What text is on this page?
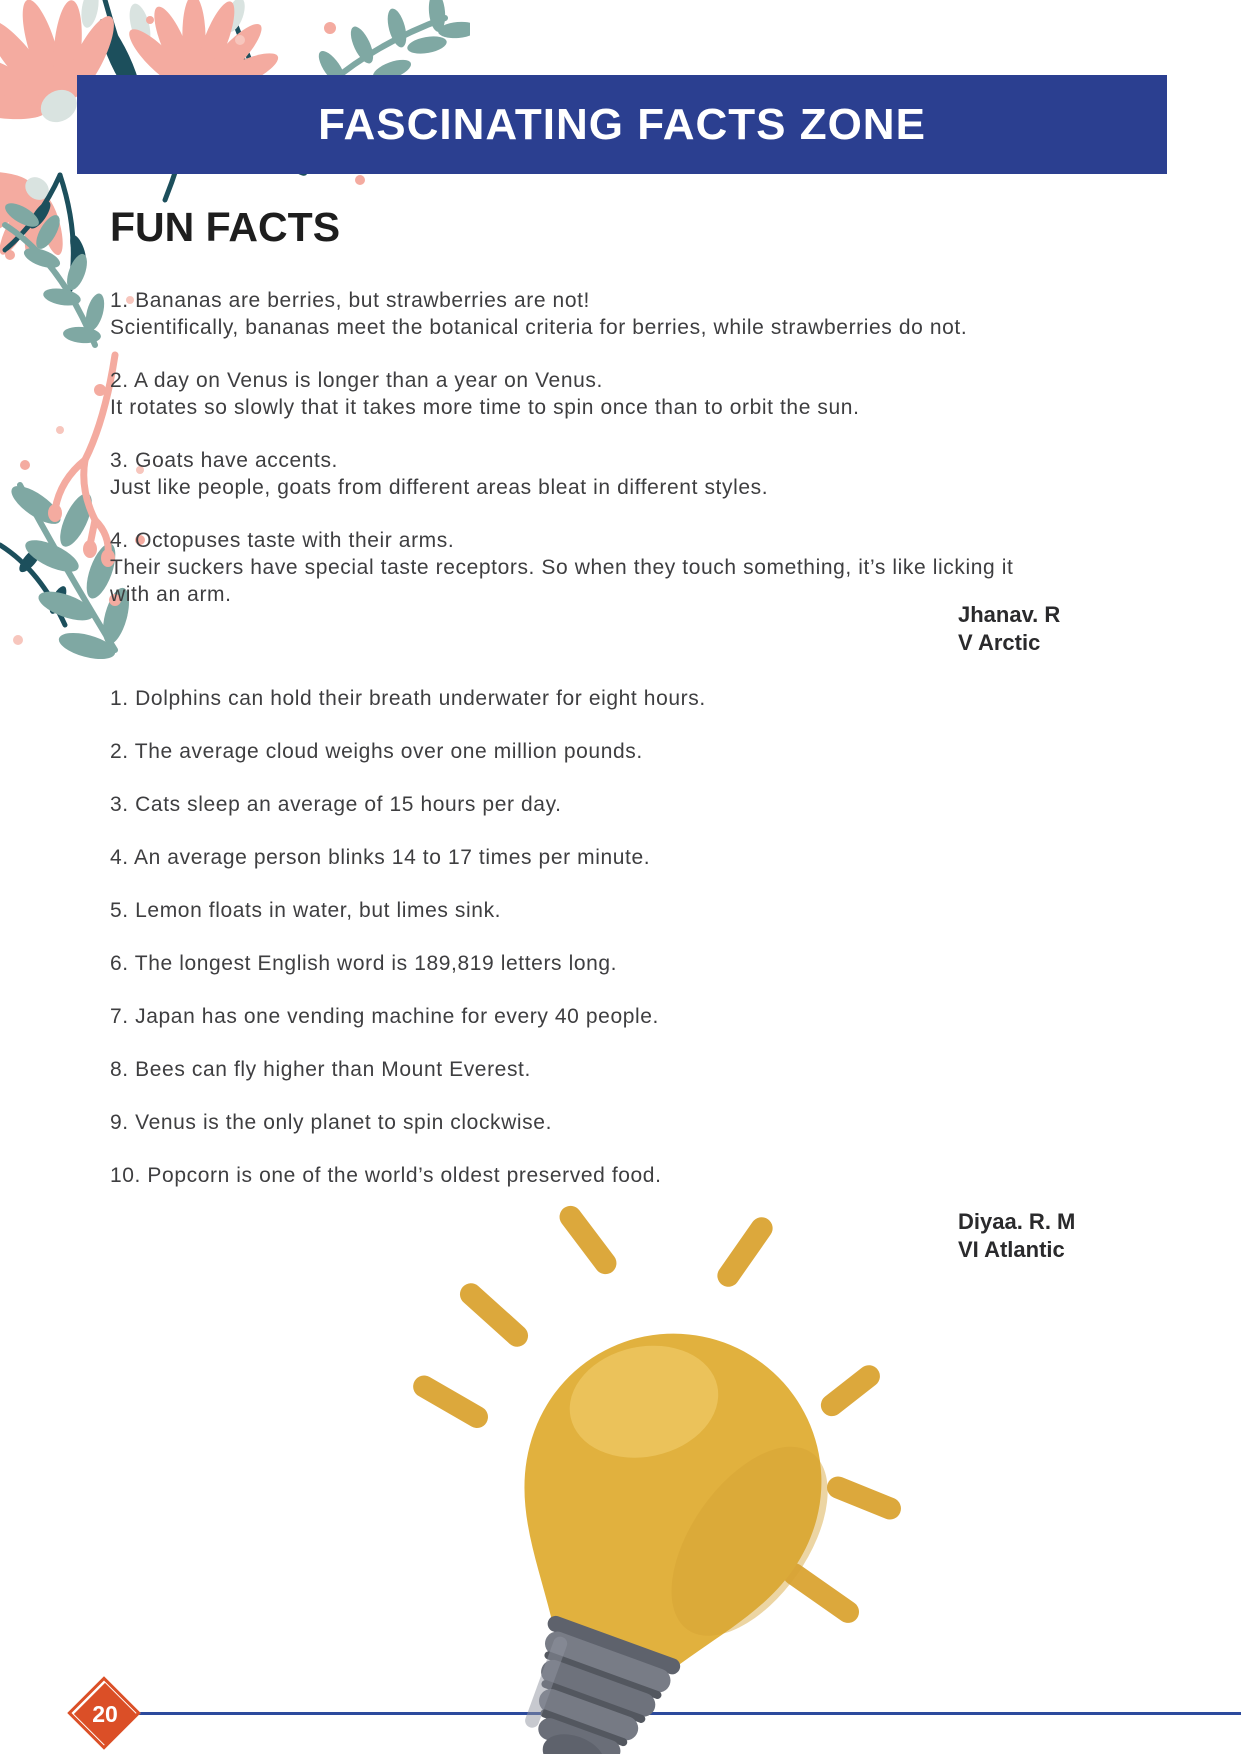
FASCINATING FACTS ZONE
FUN FACTS
1. Bananas are berries, but strawberries are not!
Scientifically, bananas meet the botanical criteria for berries, while strawberries do not.
2. A day on Venus is longer than a year on Venus.
It rotates so slowly that it takes more time to spin once than to orbit the sun.
3. Goats have accents.
Just like people, goats from different areas bleat in different styles.
4. Octopuses taste with their arms.
Their suckers have special taste receptors. So when they touch something, it’s like licking it
with an arm.
Jhanav. R
V Arctic
1. Dolphins can hold their breath underwater for eight hours.
2. The average cloud weighs over one million pounds.
3. Cats sleep an average of 15 hours per day.
4. An average person blinks 14 to 17 times per minute.
5. Lemon floats in water, but limes sink.
6. The longest English word is 189,819 letters long.
7. Japan has one vending machine for every 40 people.
8. Bees can fly higher than Mount Everest.
9. Venus is the only planet to spin clockwise.
10. Popcorn is one of the world’s oldest preserved food.
Diyaa. R. M
VI Atlantic
20
